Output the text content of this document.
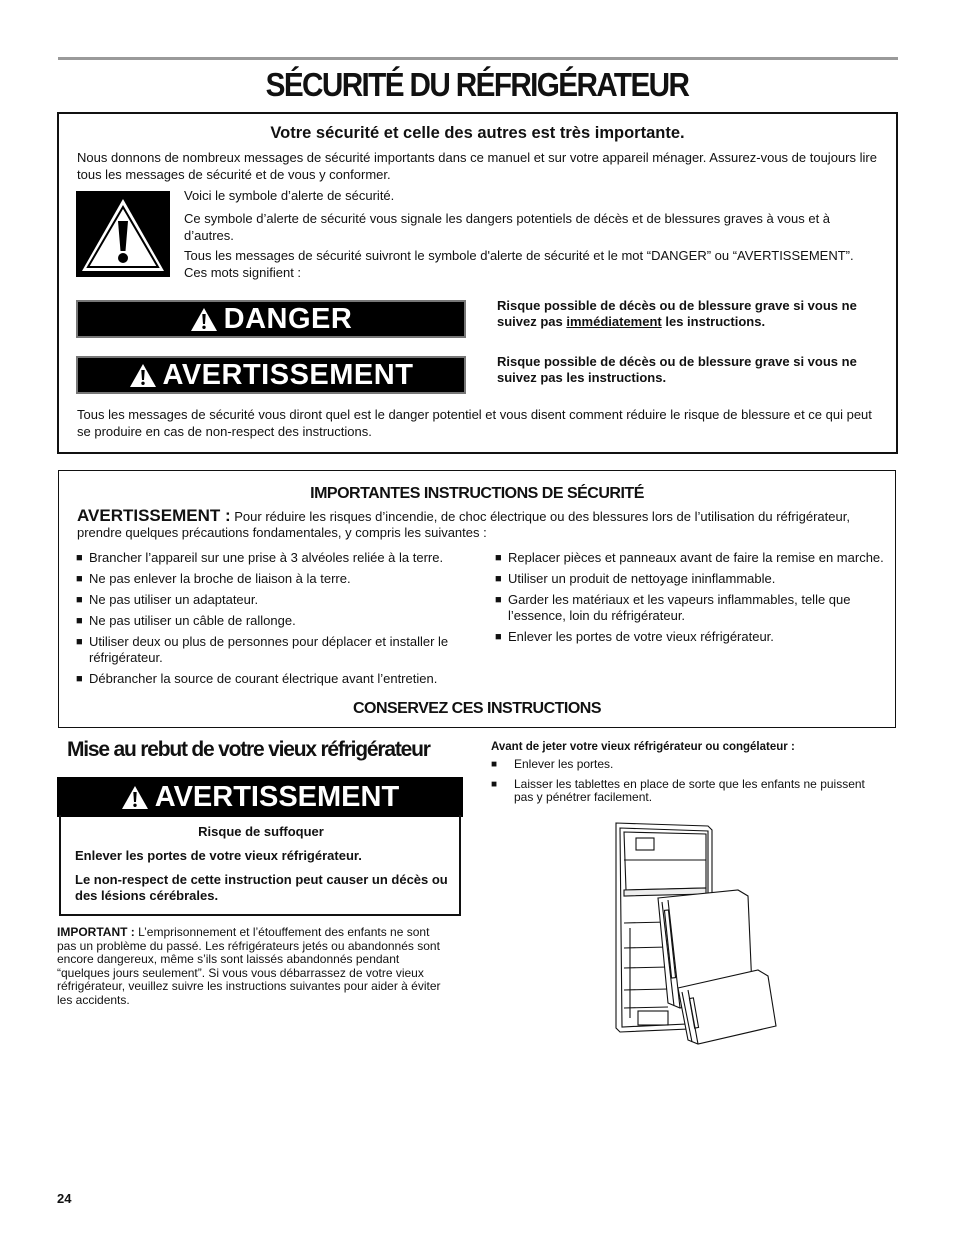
SÉCURITÉ DU RÉFRIGÉRATEUR
Votre sécurité et celle des autres est très importante.
Nous donnons de nombreux messages de sécurité importants dans ce manuel et sur votre appareil ménager. Assurez-vous de toujours lire tous les messages de sécurité et de vous y conformer.
Voici le symbole d’alerte de sécurité.
Ce symbole d’alerte de sécurité vous signale les dangers potentiels de décès et de blessures graves à vous et à d’autres.
Tous les messages de sécurité suivront le symbole d'alerte de sécurité et le mot “DANGER” ou “AVERTISSEMENT”. Ces mots signifient :
DANGER	Risque possible de décès ou de blessure grave si vous ne suivez pas immédiatement les instructions.
AVERTISSEMENT	Risque possible de décès ou de blessure grave si vous ne suivez pas les instructions.
Tous les messages de sécurité vous diront quel est le danger potentiel et vous disent comment réduire le risque de blessure et ce qui peut se produire en cas de non-respect des instructions.
IMPORTANTES INSTRUCTIONS DE SÉCURITÉ
AVERTISSEMENT : Pour réduire les risques d’incendie, de choc électrique ou des blessures lors de l’utilisation du réfrigérateur, prendre quelques précautions fondamentales, y compris les suivantes :
■ Brancher l’appareil sur une prise à 3 alvéoles reliée à la terre.
■ Ne pas enlever la broche de liaison à la terre.
■ Ne pas utiliser un adaptateur.
■ Ne pas utiliser un câble de rallonge.
■ Utiliser deux ou plus de personnes pour déplacer et installer le réfrigérateur.
■ Débrancher la source de courant électrique avant l’entretien.
■ Replacer pièces et panneaux avant de faire la remise en marche.
■ Utiliser un produit de nettoyage ininflammable.
■ Garder les matériaux et les vapeurs inflammables, telle que l’essence, loin du réfrigérateur.
■ Enlever les portes de votre vieux réfrigérateur.
CONSERVEZ CES INSTRUCTIONS
Mise au rebut de votre vieux réfrigérateur
AVERTISSEMENT
Risque de suffoquer
Enlever les portes de votre vieux réfrigérateur.
Le non-respect de cette instruction peut causer un décès ou des lésions cérébrales.
IMPORTANT : L’emprisonnement et l’étouffement des enfants ne sont pas un problème du passé. Les réfrigérateurs jetés ou abandonnés sont encore dangereux, même s’ils sont laissés abandonnés pendant “quelques jours seulement”. Si vous vous débarrassez de votre vieux réfrigérateur, veuillez suivre les instructions suivantes pour aider à éviter les accidents.
Avant de jeter votre vieux réfrigérateur ou congélateur :
■ Enlever les portes.
■ Laisser les tablettes en place de sorte que les enfants ne puissent pas y pénétrer facilement.
24
